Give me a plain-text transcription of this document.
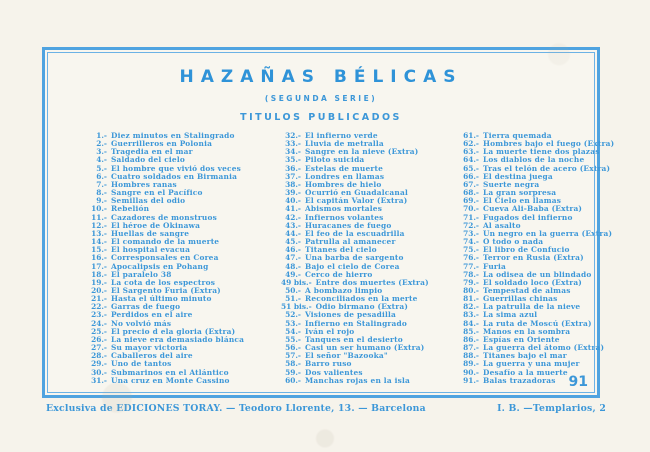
HAZAÑAS BÉLICAS
(SEGUNDA SERIE)
TITULOS PUBLICADOS
1.- Diez minutos en Stalingrado
2.- Guerrilleros en Polonia
3.- Tragedia en el mar
4.- Saldado del cielo
5.- El hombre que vivió dos veces
6.- Cuatro soldados en Birmania
7.- Hombres ranas
8.- Sangre en el Pacífico
9.- Semillas del odio
10.- Rebelión
11.- Cazadores de monstruos
12.- El héroe de Okinawa
13.- Huellas de sangre
14.- El comando de la muerte
15.- El hospital evacua
16.- Corresponsales en Corea
17.- Apocalipsis en Pohang
18.- El paralelo 38
19.- La cota de los espectros
20.- El Sargento Furia (Extra)
21.- Hasta el último minuto
22.- Garras de fuego
23.- Perdidos en el aire
24.- No volvió más
25.- El precio d ela gloria (Extra)
26.- La nieve era demasiado blánca
27.- Su mayor victoria
28.- Caballeros del aire
29.- Uno de tantos
30.- Submarinos en el Atlántico
31.- Una cruz en Monte Cassino
32.- El infierno verde
33.- Lluvia de metralla
34.- Sangre en la nieve (Extra)
35.- Piloto suicida
36.- Estelas de muerte
37.- Londres en llamas
38.- Hombres de hielo
39.- Ocurrió en Guadalcanal
40.- El capitán Valor (Extra)
41.- Abismos mortales
42.- Infiernos volantes
43.- Huracanes de fuego
44.- El feo de la escuadrilla
45.- Patrulla al amanecer
46.- Titanes del cielo
47.- Una barba de sargento
48.- Bajo el cielo de Corea
49.- Cerco de hierro
49 bis.- Entre dos muertes (Extra)
50.- A bombazo limpio
51.- Reconciliados en la merte
51 bis.- Odio birmano (Extra)
52.- Visiones de pesadilla
53.- Infierno en Stalingrado
54.- Iván el rojo
55.- Tanques en el desierto
56.- Casi un ser humano (Extra)
57.- El señor "Bazooka"
58.- Barro ruso
59.- Dos valientes
60.- Manchas rojas en la isla
61.- Tierra quemada
62.- Hombres bajo el fuego (Extra)
63.- La muerte tiene dos plazas
64.- Los diablos de la noche
65.- Tras el telón de acero (Extra)
66.- El destina juega
67.- Suerte negra
68.- La gran sorpresa
69.- El Cielo en llamas
70.- Cueva Ali-Baba (Extra)
71.- Fugados del infierno
72.- Al asalto
73.- Un negro en la guerra (Extra)
74.- O todo o nada
75.- El libro de Confucio
76.- Terror en Rusia (Extra)
77.- Furia
78.- La odisea de un blindado
79.- El soldado loco (Extra)
80.- Tempestad de almas
81.- Guerrillas chinas
82.- La patrulla de la nieve
83.- La sima azul
84.- La ruta de Moscú (Extra)
85.- Manos en la sombra
86.- Espías en Oriente
87.- La guerra del átomo (Extra)
88.- Titanes bajo el mar
89.- La guerra y una mujer
90.- Desafío a la muerte
91.- Balas trazadoras 91
Exclusiva de EDICIONES TORAY. — Teodoro Llorente, 13. — Barcelona	I. B. —Templarios, 2
